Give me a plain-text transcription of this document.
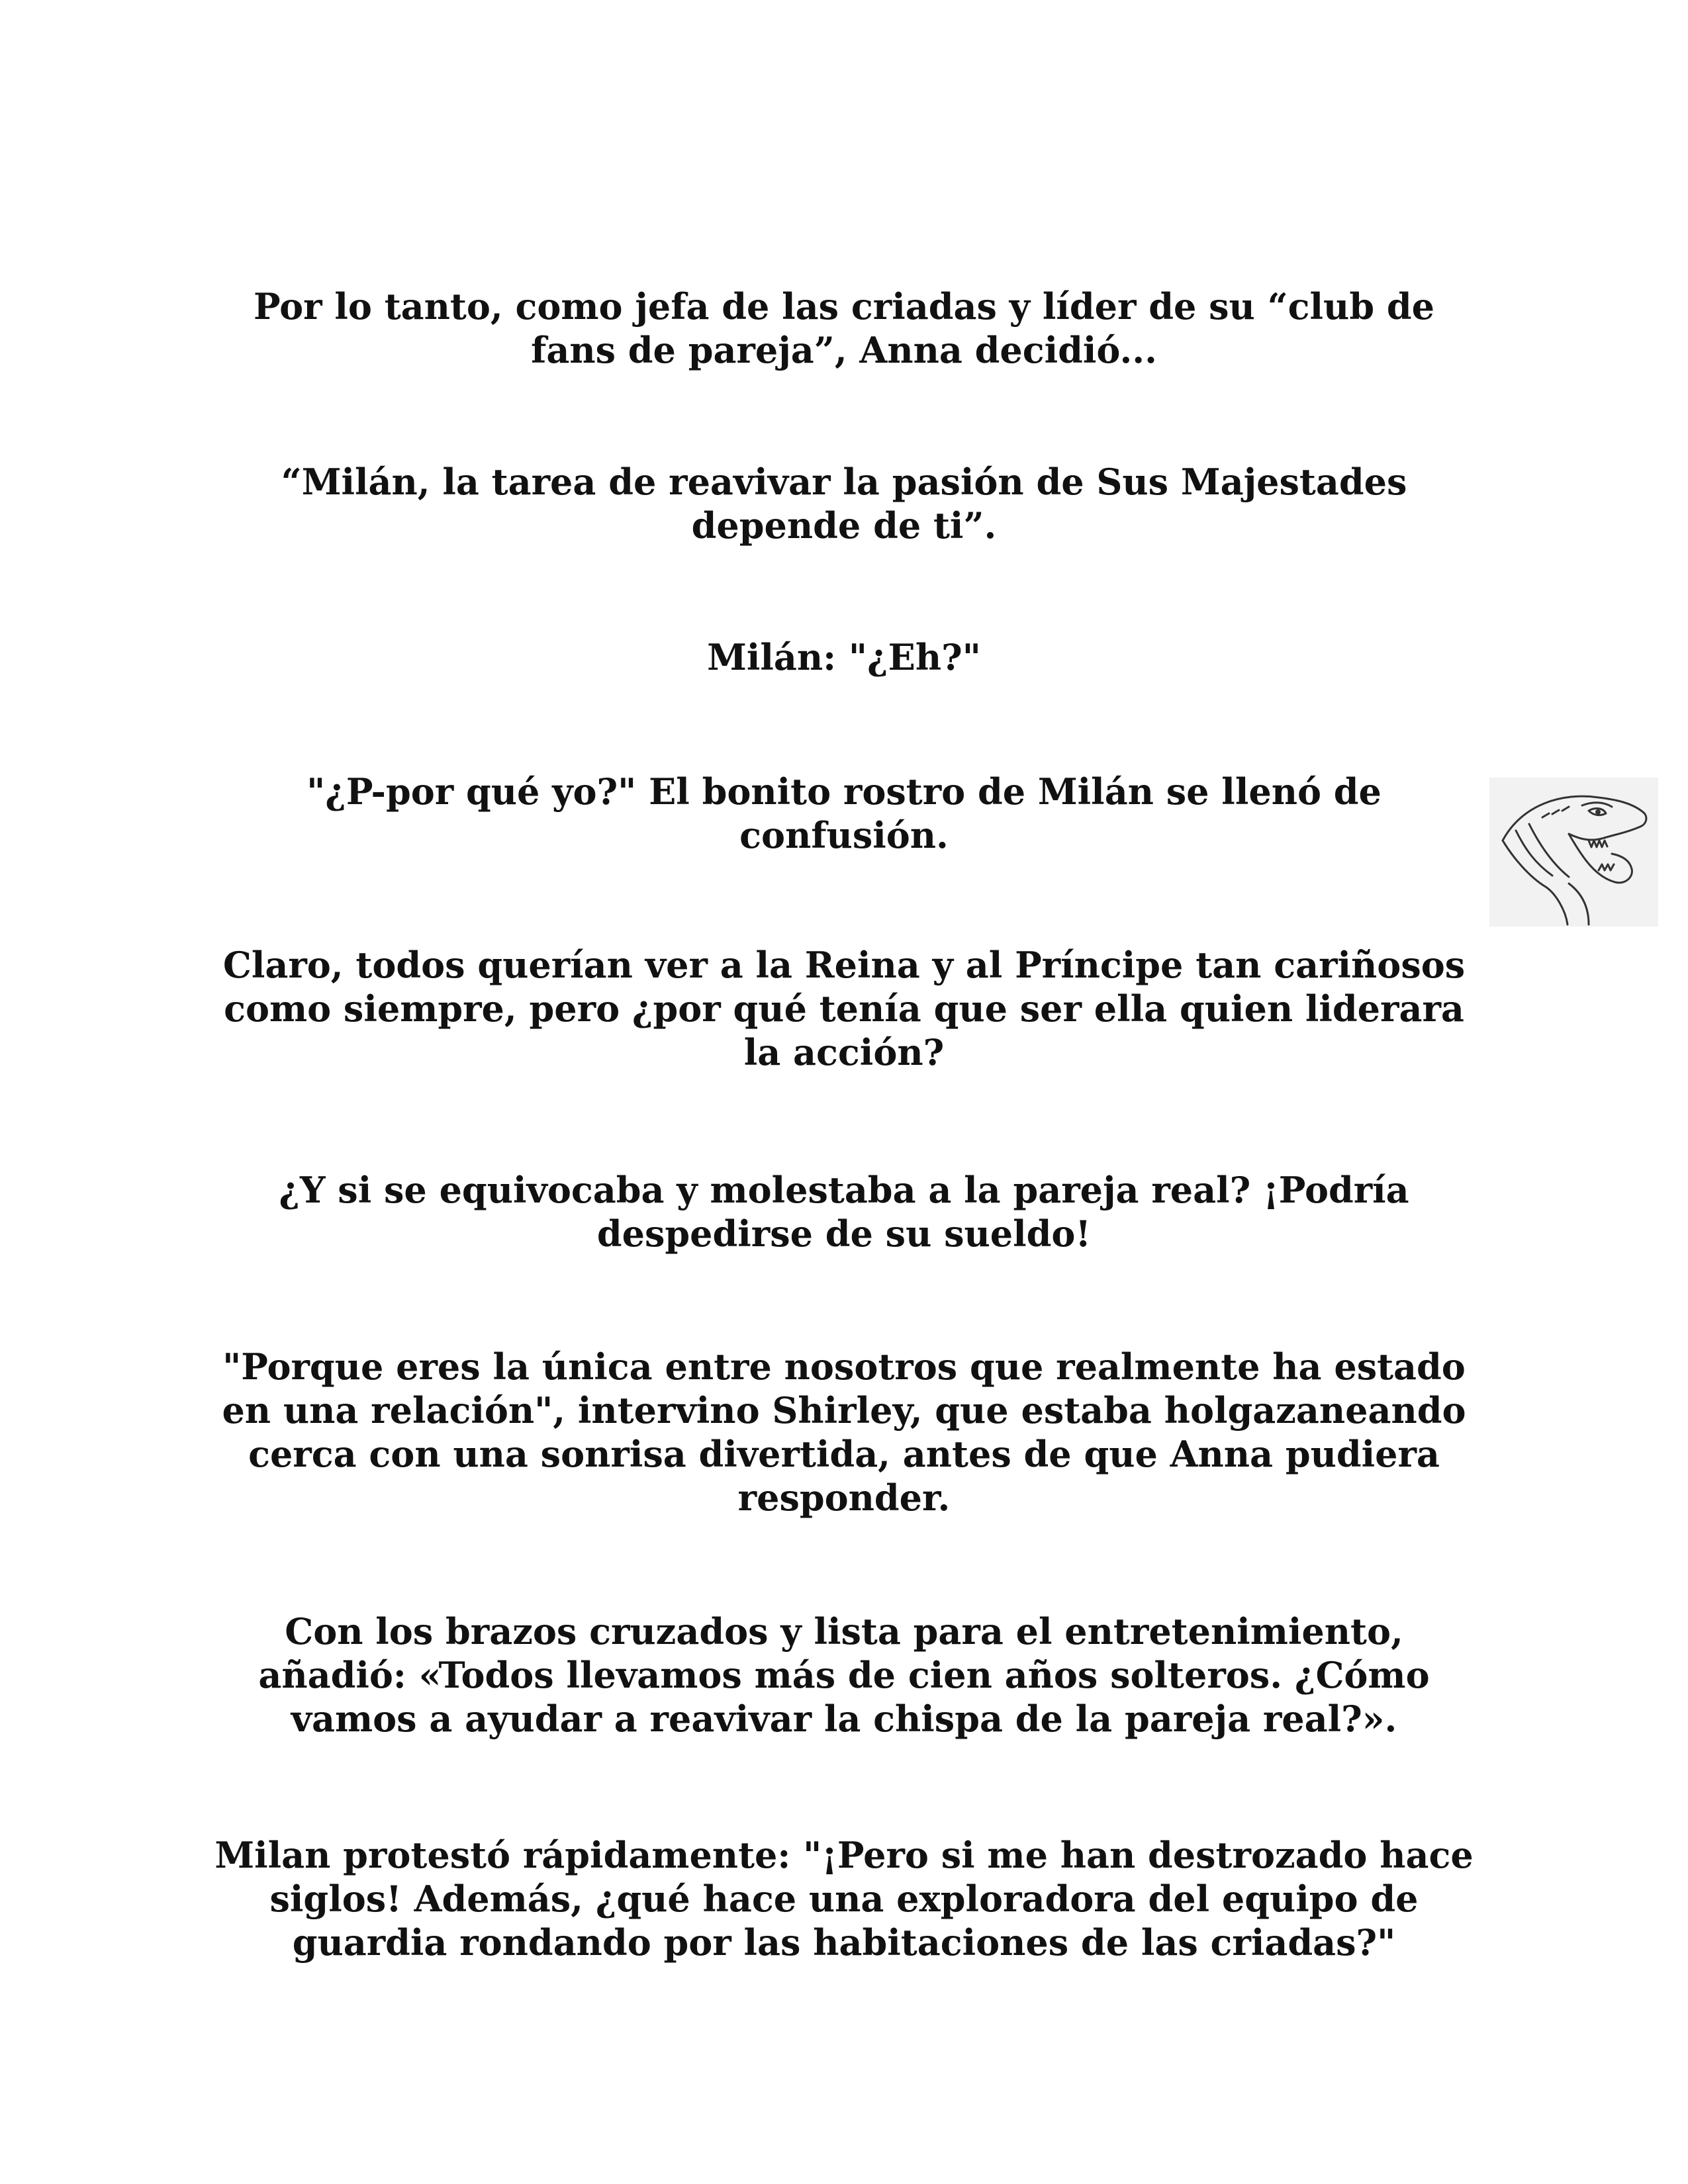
Por lo tanto, como jefa de las criadas y líder de su “club de
fans de pareja”, Anna decidió...

“Milán, la tarea de reavivar la pasión de Sus Majestades
depende de ti”.

Milán: "¿Eh?"

"¿P-por qué yo?" El bonito rostro de Milán se llenó de
confusión.

Claro, todos querían ver a la Reina y al Príncipe tan cariñosos
como siempre, pero ¿por qué tenía que ser ella quien liderara
la acción?

¿Y si se equivocaba y molestaba a la pareja real? ¡Podría
despedirse de su sueldo!

"Porque eres la única entre nosotros que realmente ha estado
en una relación", intervino Shirley, que estaba holgazaneando
cerca con una sonrisa divertida, antes de que Anna pudiera
responder.

Con los brazos cruzados y lista para el entretenimiento,
añadió: «Todos llevamos más de cien años solteros. ¿Cómo
vamos a ayudar a reavivar la chispa de la pareja real?».

Milan protestó rápidamente: "¡Pero si me han destrozado hace
siglos! Además, ¿qué hace una exploradora del equipo de
guardia rondando por las habitaciones de las criadas?"
